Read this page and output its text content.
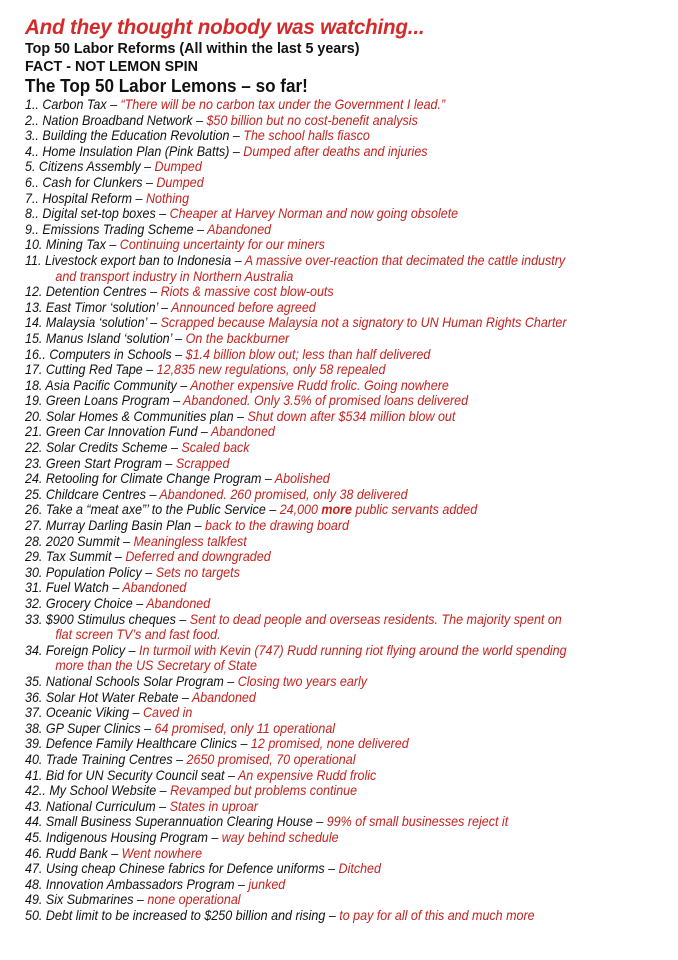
And they thought nobody was watching...
Top 50 Labor Reforms (All within the last 5 years)
FACT - NOT LEMON SPIN
The Top 50 Labor Lemons – so far!
1.. Carbon Tax – “There will be no carbon tax under the Government I lead.”
2.. Nation Broadband Network – $50 billion but no cost-benefit analysis
3.. Building the Education Revolution – The school halls fiasco
4.. Home Insulation Plan (Pink Batts) – Dumped after deaths and injuries
5. Citizens Assembly – Dumped
6.. Cash for Clunkers – Dumped
7.. Hospital Reform – Nothing
8.. Digital set-top boxes – Cheaper at Harvey Norman and now going obsolete
9.. Emissions Trading Scheme – Abandoned
10. Mining Tax – Continuing uncertainty for our miners
11. Livestock export ban to Indonesia – A massive over-reaction that decimated the cattle industry
and transport industry in Northern Australia
12. Detention Centres – Riots & massive cost blow-outs
13. East Timor ‘solution’ – Announced before agreed
14. Malaysia ‘solution’ – Scrapped because Malaysia not a signatory to UN Human Rights Charter
15. Manus Island ‘solution’ – On the backburner
16.. Computers in Schools – $1.4 billion blow out; less than half delivered
17. Cutting Red Tape – 12,835 new regulations, only 58 repealed
18. Asia Pacific Community – Another expensive Rudd frolic. Going nowhere
19. Green Loans Program – Abandoned. Only 3.5% of promised loans delivered
20. Solar Homes & Communities plan – Shut down after $534 million blow out
21. Green Car Innovation Fund – Abandoned
22. Solar Credits Scheme – Scaled back
23. Green Start Program – Scrapped
24. Retooling for Climate Change Program – Abolished
25. Childcare Centres – Abandoned. 260 promised, only 38 delivered
26. Take a “meat axe”’ to the Public Service – 24,000 more public servants added
27. Murray Darling Basin Plan – back to the drawing board
28. 2020 Summit – Meaningless talkfest
29. Tax Summit – Deferred and downgraded
30. Population Policy – Sets no targets
31. Fuel Watch – Abandoned
32. Grocery Choice – Abandoned
33. $900 Stimulus cheques – Sent to dead people and overseas residents. The majority spent on
flat screen TV’s and fast food.
34. Foreign Policy – In turmoil with Kevin (747) Rudd running riot flying around the world spending
more than the US Secretary of State
35. National Schools Solar Program – Closing two years early
36. Solar Hot Water Rebate – Abandoned
37. Oceanic Viking – Caved in
38. GP Super Clinics – 64 promised, only 11 operational
39. Defence Family Healthcare Clinics – 12 promised, none delivered
40. Trade Training Centres – 2650 promised, 70 operational
41. Bid for UN Security Council seat – An expensive Rudd frolic
42.. My School Website – Revamped but problems continue
43. National Curriculum – States in uproar
44. Small Business Superannuation Clearing House – 99% of small businesses reject it
45. Indigenous Housing Program – way behind schedule
46. Rudd Bank – Went nowhere
47. Using cheap Chinese fabrics for Defence uniforms – Ditched
48. Innovation Ambassadors Program – junked
49. Six Submarines – none operational
50. Debt limit to be increased to $250 billion and rising – to pay for all of this and much more
